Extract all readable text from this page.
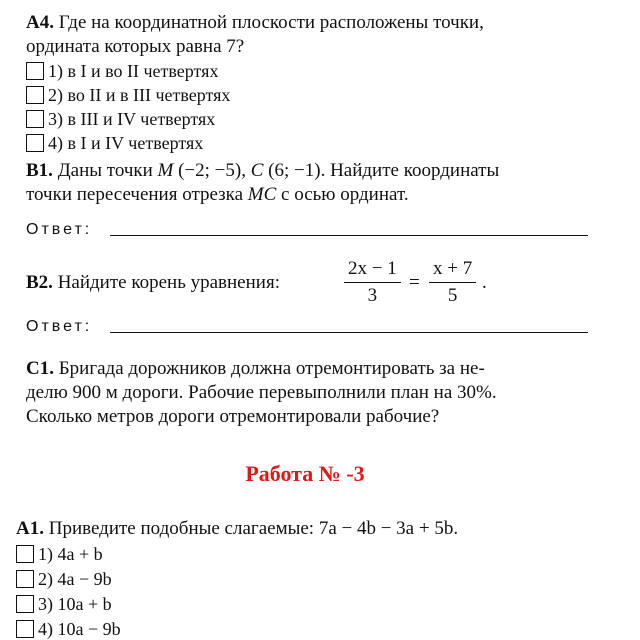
А4. Где на координатной плоскости расположены точки,
ордината которых равна 7?
1) в I и во II четвертях
2) во II и в III четвертях
3) в III и IV четвертях
4) в I и IV четвертях
В1. Даны точки M (−2; −5), C (6; −1). Найдите координаты
точки пересечения отрезка MC с осью ординат.
Ответ:
В2. Найдите корень уравнения:
2x − 1
3
=
x + 7
5
.
Ответ:
С1. Бригада дорожников должна отремонтировать за не-
делю 900 м дороги. Рабочие перевыполнили план на 30%.
Сколько метров дороги отремонтировали рабочие?
Работа № -3
А1. Приведите подобные слагаемые: 7a − 4b − 3a + 5b.
1) 4a + b
2) 4a − 9b
3) 10a + b
4) 10a − 9b
